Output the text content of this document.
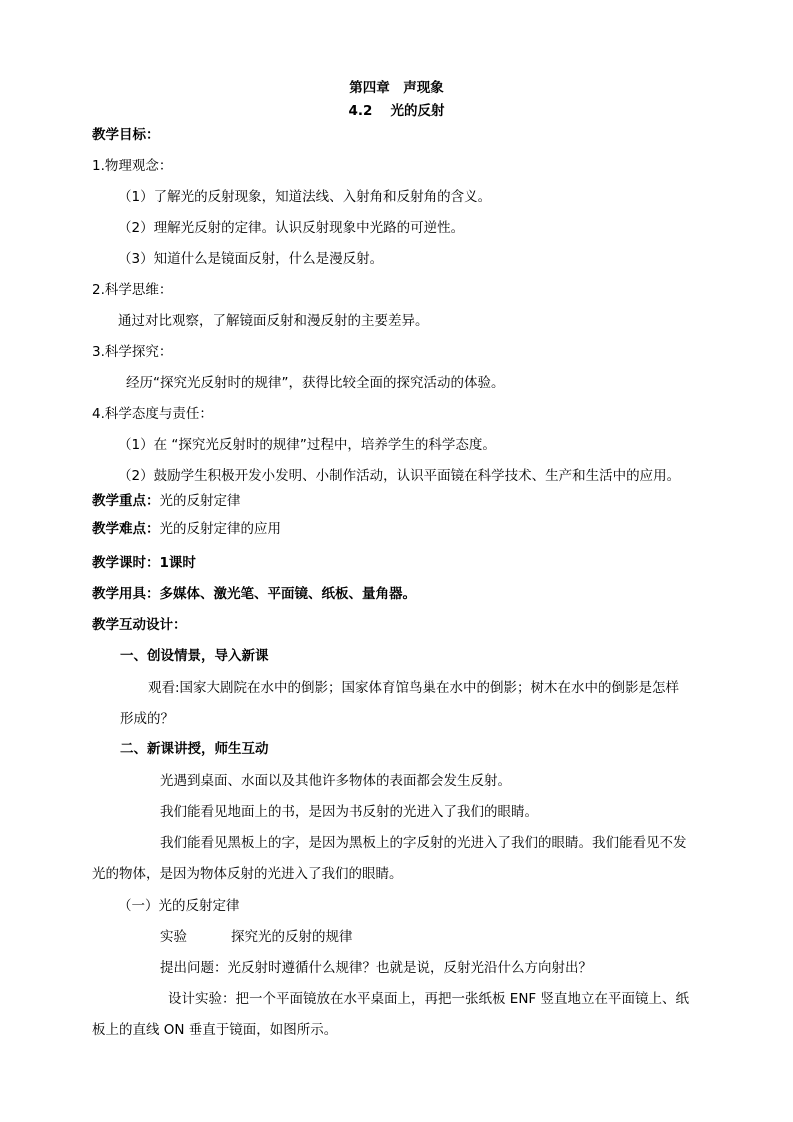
第四章　声现象
4.2　 光的反射
教学目标：
1.物理观念：
（1）了解光的反射现象，知道法线、入射角和反射角的含义。
（2）理解光反射的定律。认识反射现象中光路的可逆性。
（3）知道什么是镜面反射，什么是漫反射。
2.科学思维：
通过对比观察，了解镜面反射和漫反射的主要差异。
3.科学探究：
经历“探究光反射时的规律”，获得比较全面的探究活动的体验。
4.科学态度与责任：
（1）在 “探究光反射时的规律”过程中，培养学生的科学态度。
（2）鼓励学生积极开发小发明、小制作活动，认识平面镜在科学技术、生产和生活中的应用。
教学重点：光的反射定律
教学难点：光的反射定律的应用
教学课时：1课时
教学用具：多媒体、激光笔、平面镜、纸板、量角器。
教学互动设计：
一、创设情景，导入新课
观看:国家大剧院在水中的倒影；国家体育馆鸟巢在水中的倒影；树木在水中的倒影是怎样
形成的？
二、新课讲授，师生互动
光遇到桌面、水面以及其他许多物体的表面都会发生反射。
我们能看见地面上的书，是因为书反射的光进入了我们的眼睛。
我们能看见黑板上的字，是因为黑板上的字反射的光进入了我们的眼睛。我们能看见不发
光的物体，是因为物体反射的光进入了我们的眼睛。
（一）光的反射定律
实验	探究光的反射的规律
提出问题：光反射时遵循什么规律？也就是说，反射光沿什么方向射出？
设计实验：把一个平面镜放在水平桌面上，再把一张纸板 ENF 竖直地立在平面镜上、纸
板上的直线 ON 垂直于镜面，如图所示。
